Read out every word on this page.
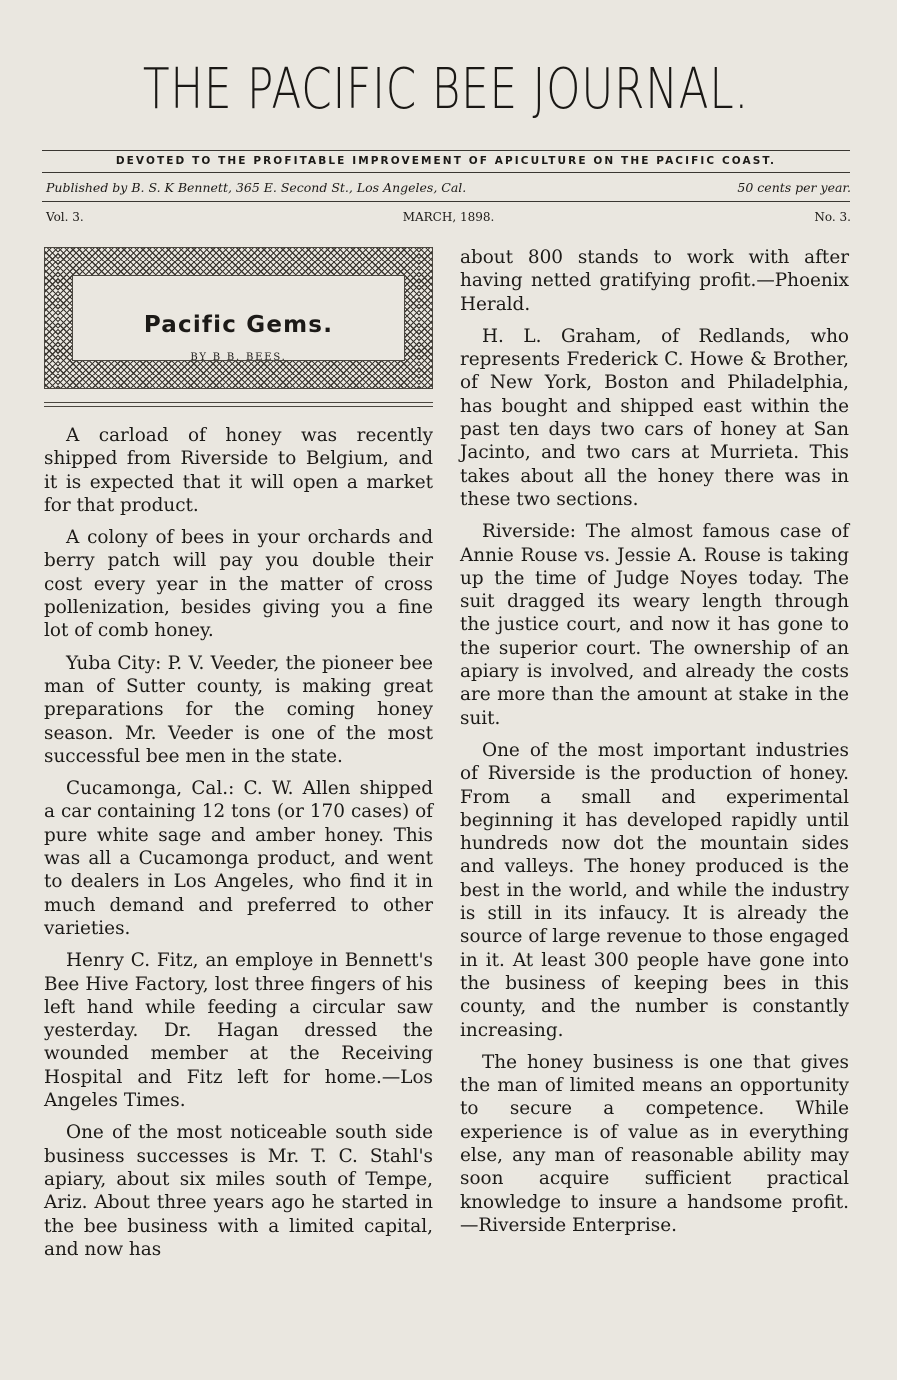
THE PACIFIC BEE JOURNAL.
DEVOTED TO THE PROFITABLE IMPROVEMENT OF APICULTURE ON THE PACIFIC COAST.
Published by B. S. K Bennett, 365 E. Second St., Los Angeles, Cal.	50 cents per year.
Vol. 3.	MARCH, 1898.	No. 3.
Pacific Gems.
BY B B. BEES.

A carload of honey was recently shipped from Riverside to Belgium, and it is expected that it will open a market for that product.

A colony of bees in your orchards and berry patch will pay you double their cost every year in the matter of cross pollenization, besides giving you a fine lot of comb honey.

Yuba City: P. V. Veeder, the pioneer bee man of Sutter county, is making great preparations for the coming honey season. Mr. Veeder is one of the most successful bee men in the state.

Cucamonga, Cal.: C. W. Allen shipped a car containing 12 tons (or 170 cases) of pure white sage and amber honey. This was all a Cucamonga product, and went to dealers in Los Angeles, who find it in much demand and preferred to other varieties.

Henry C. Fitz, an employe in Bennett's Bee Hive Factory, lost three fingers of his left hand while feeding a circular saw yesterday. Dr. Hagan dressed the wounded member at the Receiving Hospital and Fitz left for home.—Los Angeles Times.

One of the most noticeable south side business successes is Mr. T. C. Stahl's apiary, about six miles south of Tempe, Ariz. About three years ago he started in the bee business with a limited capital, and now has

about 800 stands to work with after having netted gratifying profit.—Phoenix Herald.

H. L. Graham, of Redlands, who represents Frederick C. Howe & Brother, of New York, Boston and Philadelphia, has bought and shipped east within the past ten days two cars of honey at San Jacinto, and two cars at Murrieta. This takes about all the honey there was in these two sections.

Riverside: The almost famous case of Annie Rouse vs. Jessie A. Rouse is taking up the time of Judge Noyes today. The suit dragged its weary length through the justice court, and now it has gone to the superior court. The ownership of an apiary is involved, and already the costs are more than the amount at stake in the suit.

One of the most important industries of Riverside is the production of honey. From a small and experimental beginning it has developed rapidly until hundreds now dot the mountain sides and valleys. The honey produced is the best in the world, and while the industry is still in its infaucy. It is already the source of large revenue to those engaged in it. At least 300 people have gone into the business of keeping bees in this county, and the number is constantly increasing.

The honey business is one that gives the man of limited means an opportunity to secure a competence. While experience is of value as in everything else, any man of reasonable ability may soon acquire sufficient practical knowledge to insure a handsome profit.—Riverside Enterprise.
